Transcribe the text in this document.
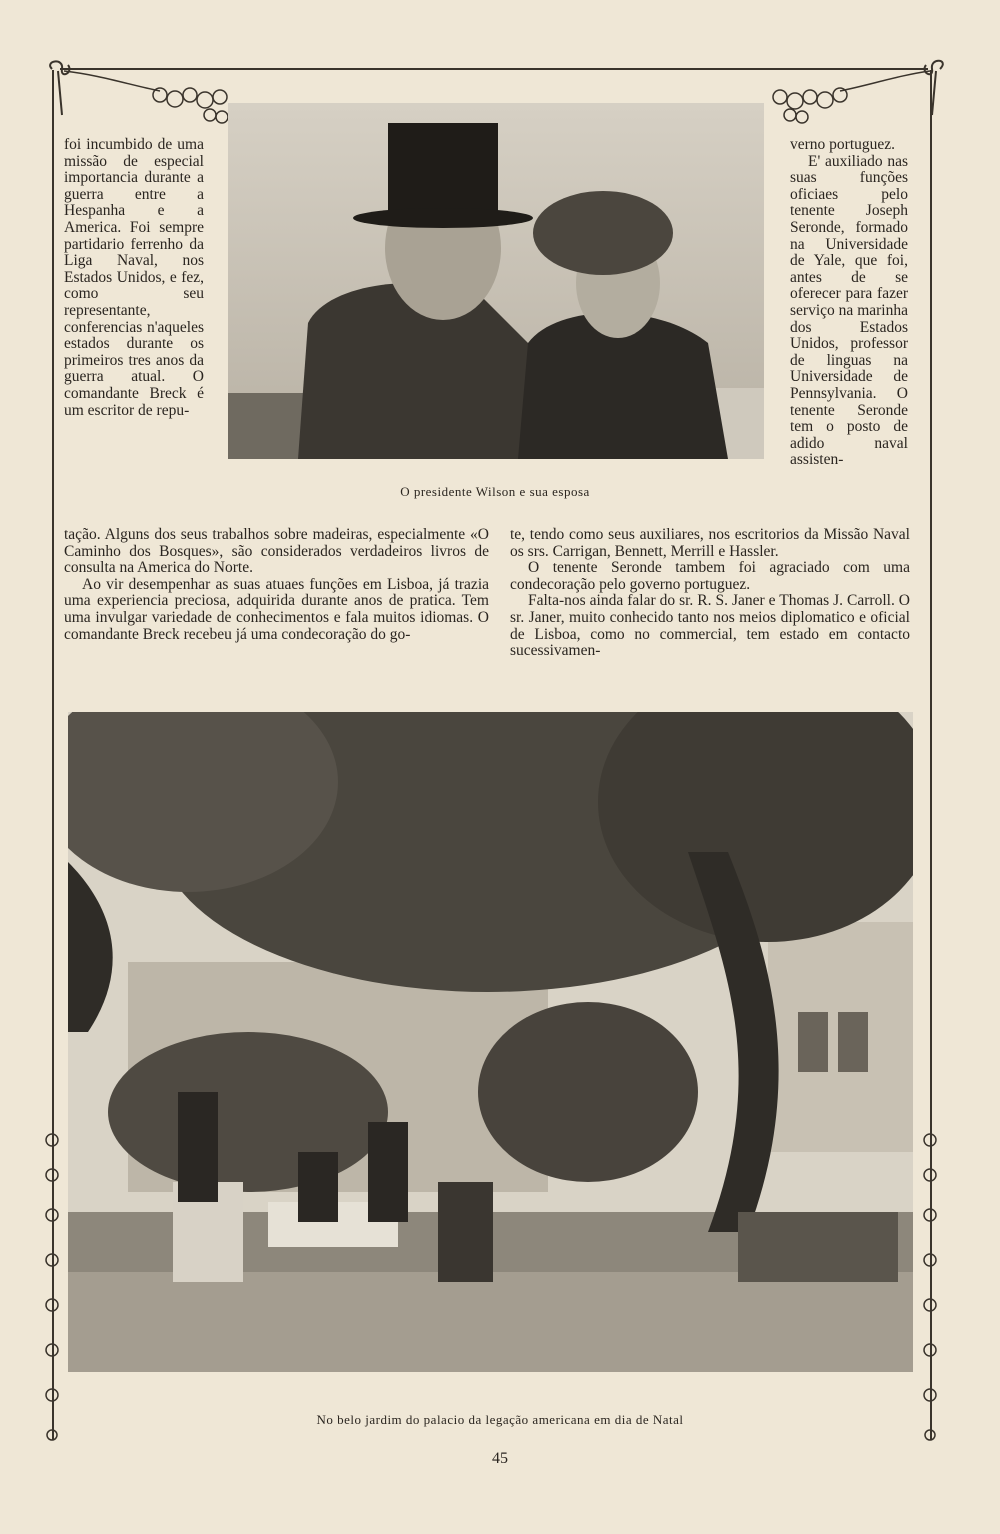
O presidente Wilson e sua esposa

foi incumbido de uma missão de especial importancia durante a guerra entre a Hespanha e a America. Foi sempre partidario ferrenho da Liga Naval, nos Estados Unidos, e fez, como seu representante, conferencias n'aqueles estados durante os primeiros tres anos da guerra atual. O comandante Breck é um escritor de repu-

verno portuguez.

E' auxiliado nas suas funções oficiaes pelo tenente Joseph Seronde, formado na Universidade de Yale, que foi, antes de se oferecer para fazer serviço na marinha dos Estados Unidos, professor de linguas na Universidade de Pennsylvania. O tenente Seronde tem o posto de adido naval assisten-

tação. Alguns dos seus trabalhos sobre madeiras, especialmente «O Caminho dos Bosques», são considerados verdadeiros livros de consulta na America do Norte.

Ao vir desempenhar as suas atuaes funções em Lisboa, já trazia uma experiencia preciosa, adquirida durante anos de pratica. Tem uma invulgar variedade de conhecimentos e fala muitos idiomas. O comandante Breck recebeu já uma condecoração do go-

te, tendo como seus auxiliares, nos escritorios da Missão Naval os srs. Carrigan, Bennett, Merrill e Hassler.

O tenente Seronde tambem foi agraciado com uma condecoração pelo governo portuguez.

Falta-nos ainda falar do sr. R. S. Janer e Thomas J. Carroll. O sr. Janer, muito conhecido tanto nos meios diplomatico e oficial de Lisboa, como no commercial, tem estado em contacto sucessivamen-

No belo jardim do palacio da legação americana em dia de Natal
45
